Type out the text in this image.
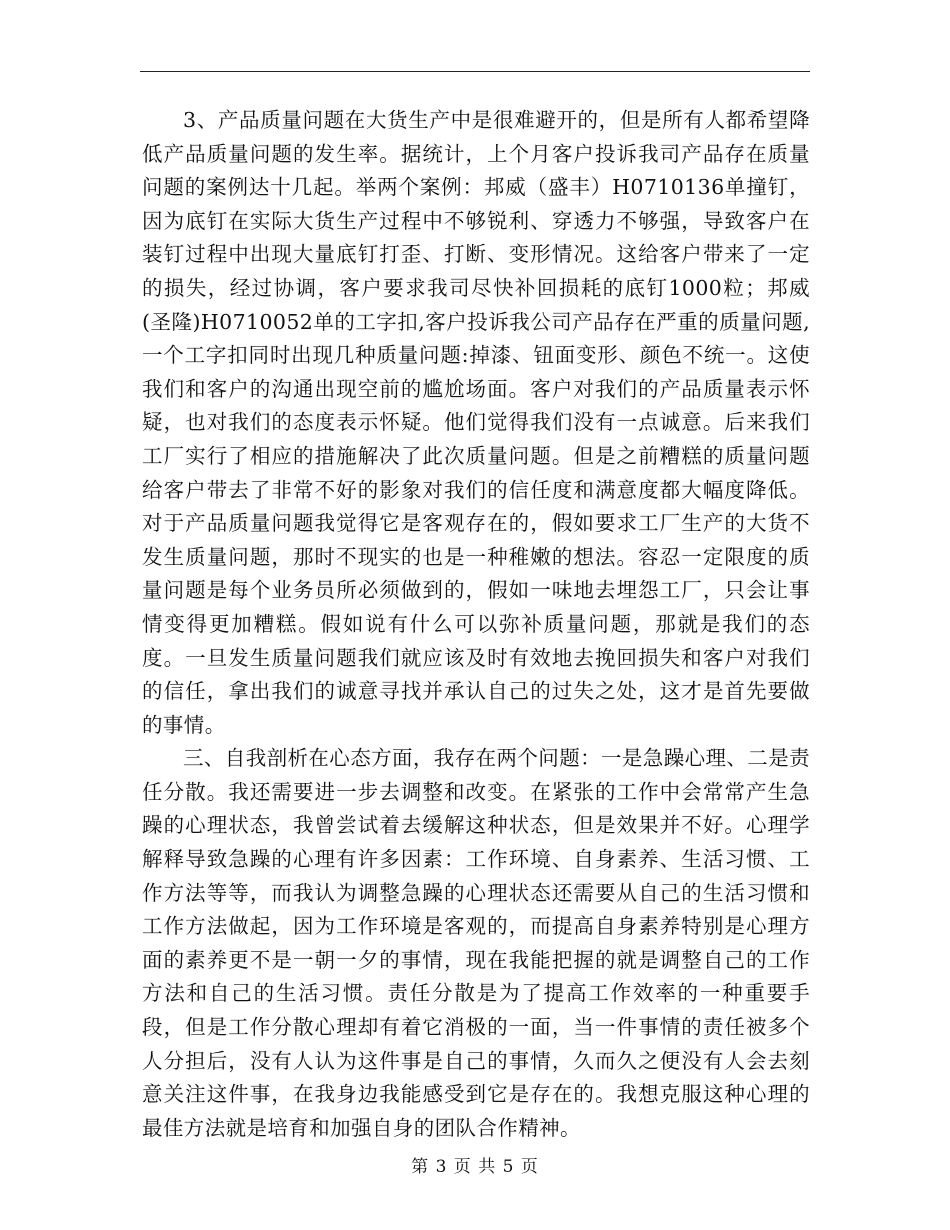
3、产品质量问题在大货生产中是很难避开的，但是所有人都希望降低产品质量问题的发生率。据统计，上个月客户投诉我司产品存在质量问题的案例达十几起。举两个案例：邦威（盛丰）H0710136单撞钉，因为底钉在实际大货生产过程中不够锐利、穿透力不够强，导致客户在装钉过程中出现大量底钉打歪、打断、变形情况。这给客户带来了一定的损失，经过协调，客户要求我司尽快补回损耗的底钉1000粒；邦威(圣隆)H0710052单的工字扣,客户投诉我公司产品存在严重的质量问题,一个工字扣同时出现几种质量问题:掉漆、钮面变形、颜色不统一。这使我们和客户的沟通出现空前的尴尬场面。客户对我们的产品质量表示怀疑，也对我们的态度表示怀疑。他们觉得我们没有一点诚意。后来我们工厂实行了相应的措施解决了此次质量问题。但是之前糟糕的质量问题给客户带去了非常不好的影象对我们的信任度和满意度都大幅度降低。对于产品质量问题我觉得它是客观存在的，假如要求工厂生产的大货不发生质量问题，那时不现实的也是一种稚嫩的想法。容忍一定限度的质量问题是每个业务员所必须做到的，假如一味地去埋怨工厂，只会让事情变得更加糟糕。假如说有什么可以弥补质量问题，那就是我们的态度。一旦发生质量问题我们就应该及时有效地去挽回损失和客户对我们的信任，拿出我们的诚意寻找并承认自己的过失之处，这才是首先要做的事情。

三、自我剖析在心态方面，我存在两个问题：一是急躁心理、二是责任分散。我还需要进一步去调整和改变。在紧张的工作中会常常产生急躁的心理状态，我曾尝试着去缓解这种状态，但是效果并不好。心理学解释导致急躁的心理有许多因素：工作环境、自身素养、生活习惯、工作方法等等，而我认为调整急躁的心理状态还需要从自己的生活习惯和工作方法做起，因为工作环境是客观的，而提高自身素养特别是心理方面的素养更不是一朝一夕的事情，现在我能把握的就是调整自己的工作方法和自己的生活习惯。责任分散是为了提高工作效率的一种重要手段，但是工作分散心理却有着它消极的一面，当一件事情的责任被多个人分担后，没有人认为这件事是自己的事情，久而久之便没有人会去刻意关注这件事，在我身边我能感受到它是存在的。我想克服这种心理的最佳方法就是培育和加强自身的团队合作精神。

第 3 页 共 5 页
